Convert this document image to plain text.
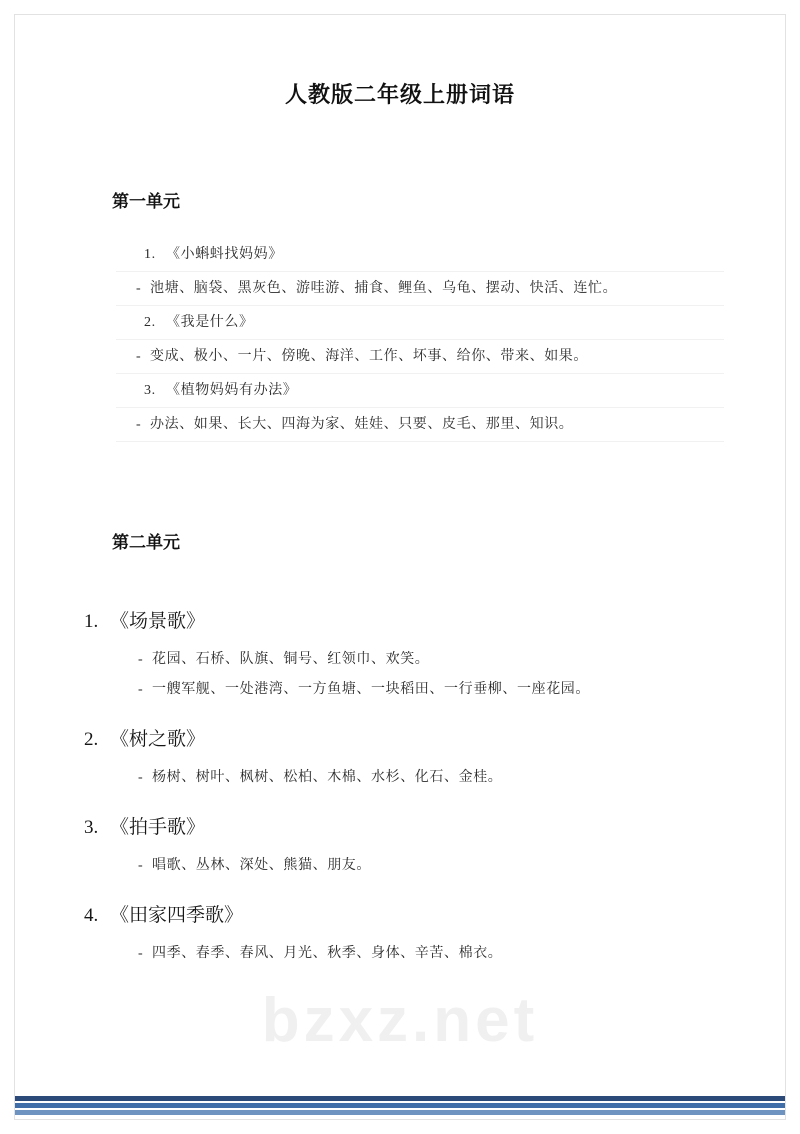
人教版二年级上册词语
第一单元
1. 《小蝌蚪找妈妈》
- 池塘、脑袋、黑灰色、游哇游、捕食、鲤鱼、乌龟、摆动、快活、连忙。
2. 《我是什么》
- 变成、极小、一片、傍晚、海洋、工作、坏事、给你、带来、如果。
3. 《植物妈妈有办法》
- 办法、如果、长大、四海为家、娃娃、只要、皮毛、那里、知识。
第二单元
1. 《场景歌》
- 花园、石桥、队旗、铜号、红领巾、欢笑。
- 一艘军舰、一处港湾、一方鱼塘、一块稻田、一行垂柳、一座花园。
2. 《树之歌》
- 杨树、树叶、枫树、松柏、木棉、水杉、化石、金桂。
3. 《拍手歌》
- 唱歌、丛林、深处、熊猫、朋友。
4. 《田家四季歌》
- 四季、春季、春风、月光、秋季、身体、辛苦、棉衣。
bzxz.net
